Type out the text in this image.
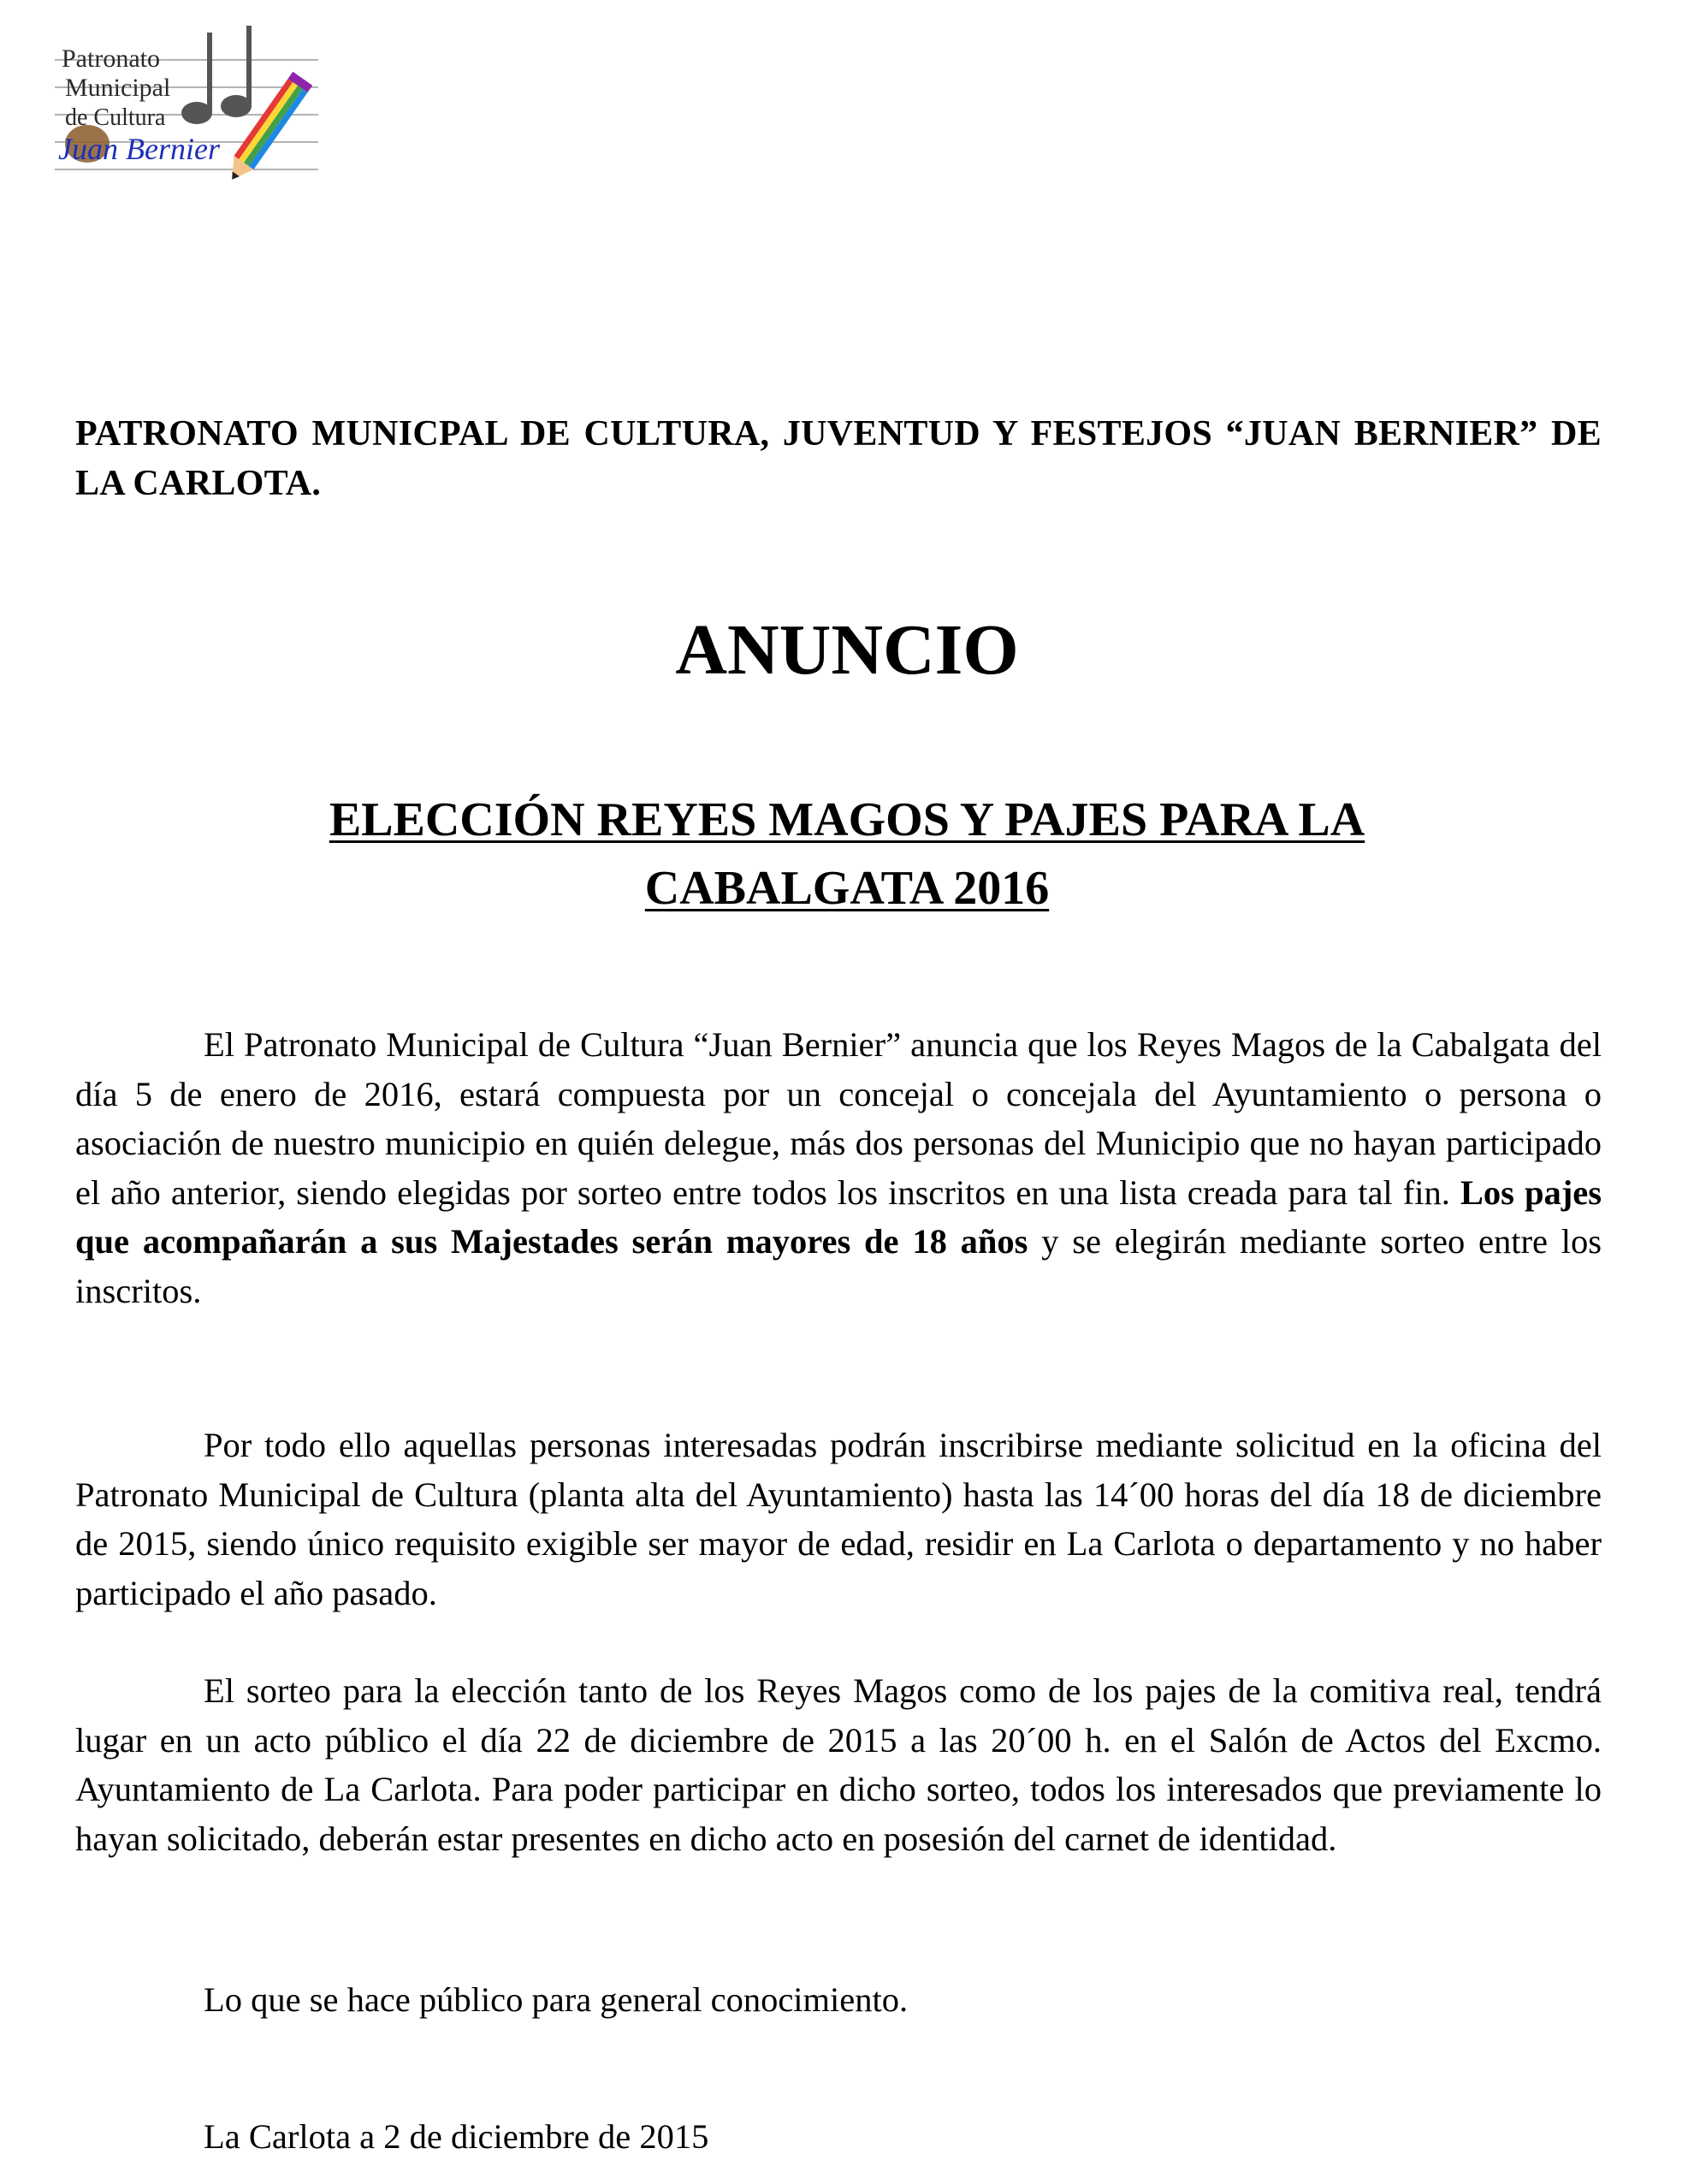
Patronato
Municipal
de Cultura
Juan Bernier
PATRONATO MUNICPAL DE CULTURA, JUVENTUD Y FESTEJOS “JUAN BERNIER” DE LA CARLOTA.
ANUNCIO
ELECCIÓN REYES MAGOS Y PAJES PARA LA
CABALGATA 2016
El Patronato Municipal de Cultura “Juan Bernier” anuncia que los Reyes Magos de la Cabalgata del día 5 de enero de 2016, estará compuesta por un concejal o concejala del Ayuntamiento o persona o asociación de nuestro municipio en quién delegue, más dos personas del Municipio que no hayan participado el año anterior, siendo elegidas por sorteo entre todos los inscritos en una lista creada para tal fin. Los pajes que acompañarán a sus Majestades serán mayores de 18 años y se elegirán mediante sorteo entre los inscritos.
Por todo ello aquellas personas interesadas podrán inscribirse mediante solicitud en la oficina del Patronato Municipal de Cultura (planta alta del Ayuntamiento) hasta las 14´00 horas del día 18 de diciembre de 2015, siendo único requisito exigible ser mayor de edad, residir en La Carlota o departamento y no haber participado el año pasado.
El sorteo para la elección tanto de los Reyes Magos como de los pajes de la comitiva real, tendrá lugar en un acto público el día 22 de diciembre de 2015 a las 20´00 h. en el Salón de Actos del Excmo. Ayuntamiento de La Carlota. Para poder participar en dicho sorteo, todos los interesados que previamente lo hayan solicitado, deberán estar presentes en dicho acto en posesión del carnet de identidad.
Lo que se hace público para general conocimiento.
La Carlota a 2 de diciembre de 2015
